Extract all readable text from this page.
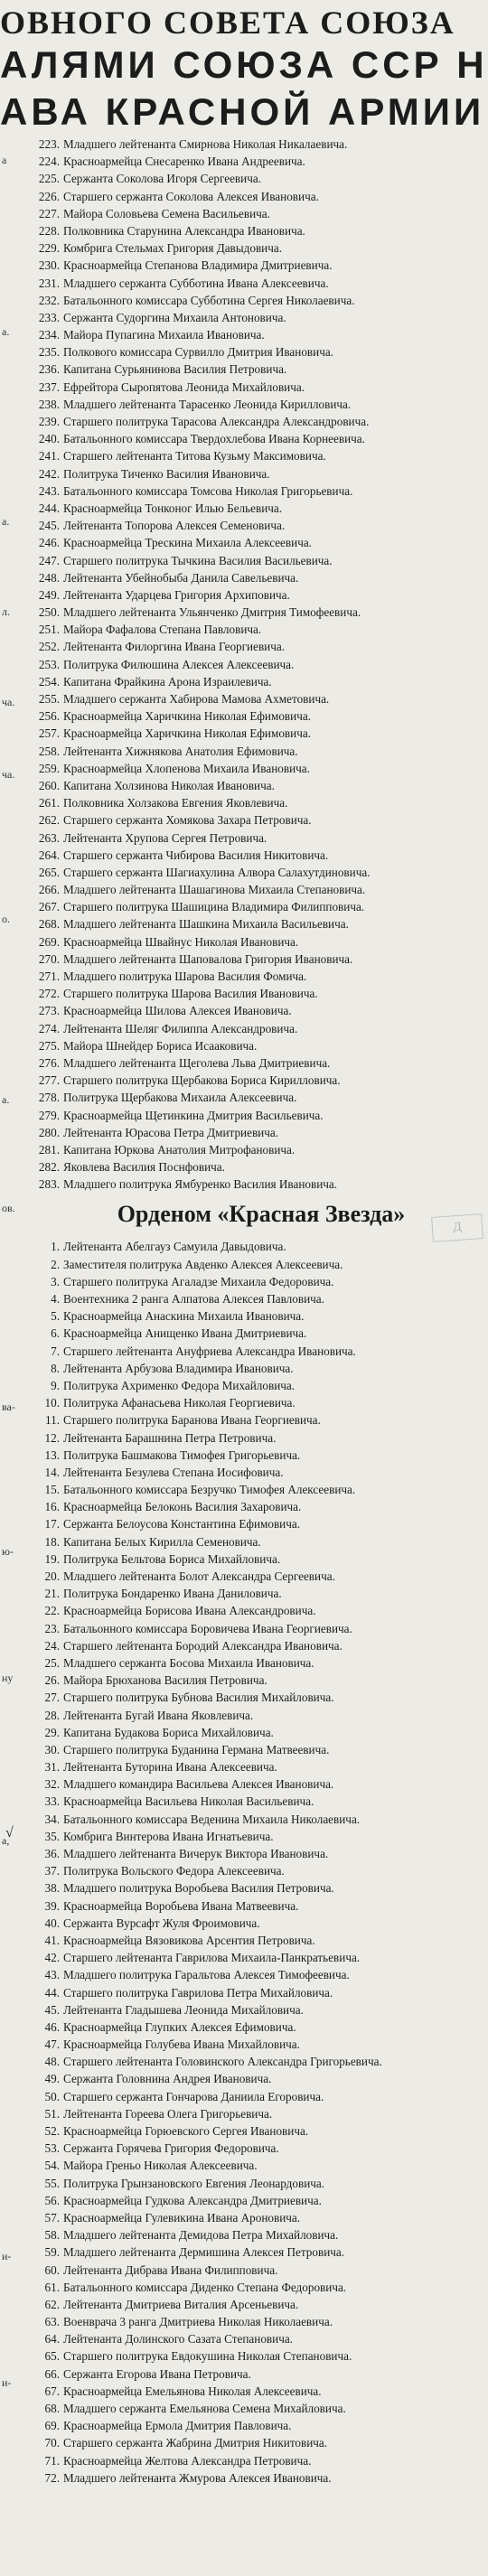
ОВНОГО СОВЕТА СОЮЗА
АЛЯМИ СОЮЗА ССР Н
АВА КРАСНОЙ АРМИИ
а
а.
а.
л.
ча.
ча.
о.
а.
ов.
ва-
ю-
ну
а,
и-
и-
√
223. Младшего лейтенанта Смирнова Николая Никалаевича.
224. Красноармейца Снесаренко Ивана Андреевича.
225. Сержанта Соколова Игоря Сергеевича.
226. Старшего сержанта Соколова Алексея Ивановича.
227. Майора Соловьева Семена Васильевича.
228. Полковника Старунина Александра Ивановича.
229. Комбрига Стельмах Григория Давыдовича.
230. Красноармейца Степанова Владимира Дмитриевича.
231. Младшего сержанта Субботина Ивана Алексеевича.
232. Батальонного комиссара Субботина Сергея Николаевича.
233. Сержанта Судоргина Михаила Антоновича.
234. Майора Пупагина Михаила Ивановича.
235. Полкового комиссара Сурвилло Дмитрия Ивановича.
236. Капитана Сурьянинова Василия Петровича.
237. Ефрейтора Сыропятова Леонида Михайловича.
238. Младшего лейтенанта Тарасенко Леонида Кирилловича.
239. Старшего политрука Тарасова Александра Александровича.
240. Батальонного комиссара Твердохлебова Ивана Корнеевича.
241. Старшего лейтенанта Титова Кузьму Максимовича.
242. Политрука Тиченко Василия Ивановича.
243. Батальонного комиссара Томсова Николая Григорьевича.
244. Красноармейца Тонконог Илью Бельевича.
245. Лейтенанта Топорова Алексея Семеновича.
246. Красноармейца Трескина Михаила Алексеевича.
247. Старшего политрука Тычкина Василия Васильевича.
248. Лейтенанта Убейнобыба Данила Савельевича.
249. Лейтенанта Ударцева Григория Архиповича.
250. Младшего лейтенанта Ульянченко Дмитрия Тимофеевича.
251. Майора Фафалова Степана Павловича.
252. Лейтенанта Филоргина Ивана Георгиевича.
253. Политрука Филюшина Алексея Алексеевича.
254. Капитана Фрайкина Арона Израилевича.
255. Младшего сержанта Хабирова Мамова Ахметовича.
256. Красноармейца Харичкина Николая Ефимовича.
257. Красноармейца Харичкина Николая Ефимовича.
258. Лейтенанта Хижнякова Анатолия Ефимовича.
259. Красноармейца Хлопенова Михаила Ивановича.
260. Капитана Холзинова Николая Ивановича.
261. Полковника Холзакова Евгения Яковлевича.
262. Старшего сержанта Хомякова Захара Петровича.
263. Лейтенанта Хрупова Сергея Петровича.
264. Старшего сержанта Чибирова Василия Никитовича.
265. Старшего сержанта Шагиахулина Алвора Салахутдиновича.
266. Младшего лейтенанта Шашагинова Михаила Степановича.
267. Старшего политрука Шашицина Владимира Филипповича.
268. Младшего лейтенанта Шашкина Михаила Васильевича.
269. Красноармейца Швайнус Николая Ивановича.
270. Младшего лейтенанта Шаповалова Григория Ивановича.
271. Младшего политрука Шарова Василия Фомича.
272. Старшего политрука Шарова Василия Ивановича.
273. Красноармейца Шилова Алексея Ивановича.
274. Лейтенанта Шеляг Филиппа Александровича.
275. Майора Шнейдер Бориса Исааковича.
276. Младшего лейтенанта Щеголева Льва Дмитриевича.
277. Старшего политрука Щербакова Бориса Кирилловича.
278. Политрука Щербакова Михаила Алексеевича.
279. Красноармейца Щетинкина Дмитрия Васильевича.
280. Лейтенанта Юрасова Петра Дмитриевича.
281. Капитана Юркова Анатолия Митрофановича.
282. Яковлева Василия Поснфовича.
283. Младшего политрука Ямбуренко Василия Ивановича.
Орденом «Красная Звезда»
1. Лейтенанта Абелгауз Самуила Давыдовича.
2. Заместителя политрука Авденко Алексея Алексеевича.
3. Старшего политрука Агаладзе Михаила Федоровича.
4. Воентехника 2 ранга Алпатова Алексея Павловича.
5. Красноармейца Анаскина Михаила Ивановича.
6. Красноармейца Анищенко Ивана Дмитриевича.
7. Старшего лейтенанта Ануфриева Александра Ивановича.
8. Лейтенанта Арбузова Владимира Ивановича.
9. Политрука Ахрименко Федора Михайловича.
10. Политрука Афанасьева Николая Георгиевича.
11. Старшего политрука Баранова Ивана Георгиевича.
12. Лейтенанта Барашнина Петра Петровича.
13. Политрука Башмакова Тимофея Григорьевича.
14. Лейтенанта Безулева Степана Иосифовича.
15. Батальонного комиссара Безручко Тимофея Алексеевича.
16. Красноармейца Белоконь Василия Захаровича.
17. Сержанта Белоусова Константина Ефимовича.
18. Капитана Белых Кирилла Семеновича.
19. Политрука Бельтова Бориса Михайловича.
20. Младшего лейтенанта Болот Александра Сергеевича.
21. Политрука Бондаренко Ивана Даниловича.
22. Красноармейца Борисова Ивана Александровича.
23. Батальонного комиссара Боровичева Ивана Георгиевича.
24. Старшего лейтенанта Бородий Александра Ивановича.
25. Младшего сержанта Босова Михаила Ивановича.
26. Майора Брюханова Василия Петровича.
27. Старшего политрука Бубнова Василия Михайловича.
28. Лейтенанта Бугай Ивана Яковлевича.
29. Капитана Будакова Бориса Михайловича.
30. Старшего политрука Буданина Германа Матвеевича.
31. Лейтенанта Буторина Ивана Алексеевича.
32. Младшего командира Васильева Алексея Ивановича.
33. Красноармейца Васильева Николая Васильевича.
34. Батальонного комиссара Веденина Михаила Николаевича.
35. Комбрига Винтерова Ивана Игнатьевича.
36. Младшего лейтенанта Вичерук Виктора Ивановича.
37. Политрука Вольского Федора Алексеевича.
38. Младшего политрука Воробьева Василия Петровича.
39. Красноармейца Воробьева Ивана Матвеевича.
40. Сержанта Вурсафт Жуля Фроимовича.
41. Красноармейца Вязовикова Арсентия Петровича.
42. Старшего лейтенанта Гаврилова Михаила-Панкратьевича.
43. Младшего политрука Гаральтова Алексея Тимофеевича.
44. Старшего политрука Гаврилова Петра Михайловича.
45. Лейтенанта Гладышева Леонида Михайловича.
46. Красноармейца Глупких Алексея Ефимовича.
47. Красноармейца Голубева Ивана Михайловича.
48. Старшего лейтенанта Головинского Александра Григорьевича.
49. Сержанта Головнина Андрея Ивановича.
50. Старшего сержанта Гончарова Даниила Егоровича.
51. Лейтенанта Гореева Олега Григорьевича.
52. Красноармейца Горюевского Сергея Ивановича.
53. Сержанта Горячева Григория Федоровича.
54. Майора Греньо Николая Алексеевича.
55. Политрука Грынзановского Евгения Леонардовича.
56. Красноармейца Гудкова Александра Дмитриевича.
57. Красноармейца Гулевикина Ивана Ароновича.
58. Младшего лейтенанта Демидова Петра Михайловича.
59. Младшего лейтенанта Дермишина Алексея Петровича.
60. Лейтенанта Дибрава Ивана Филипповича.
61. Батальонного комиссара Диденко Степана Федоровича.
62. Лейтенанта Дмитриева Виталия Арсеньевича.
63. Военврача 3 ранга Дмитриева Николая Николаевича.
64. Лейтенанта Долинского Сазата Степановича.
65. Старшего политрука Евдокушина Николая Степановича.
66. Сержанта Егорова Ивана Петровича.
67. Красноармейца Емельянова Николая Алексеевича.
68. Младшего сержанта Емельянова Семена Михайловича.
69. Красноармейца Ермола Дмитрия Павловича.
70. Старшего сержанта Жабрина Дмитрия Никитовича.
71. Красноармейца Желтова Александра Петровича.
72. Младшего лейтенанта Жмурова Алексея Ивановича.
Д
